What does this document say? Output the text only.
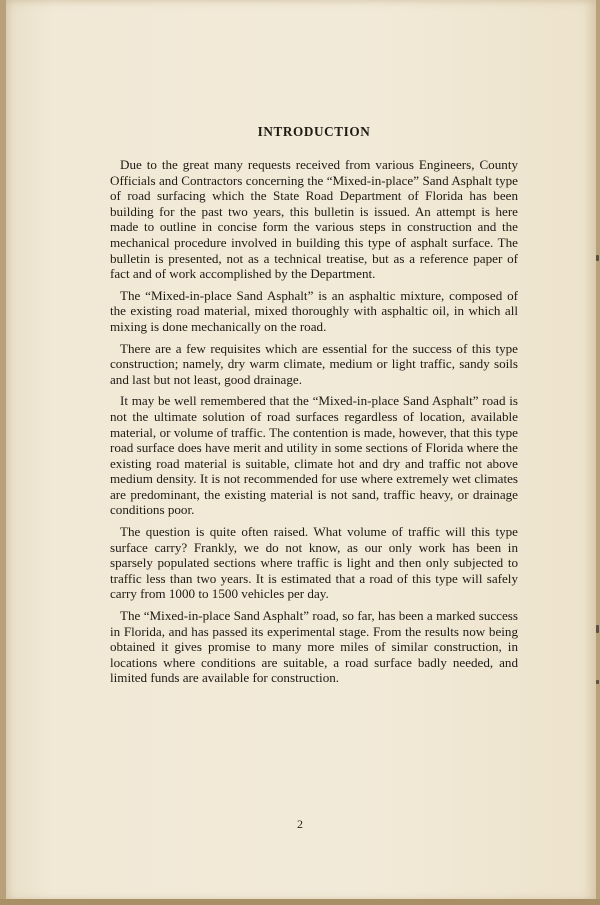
INTRODUCTION

Due to the great many requests received from various Engineers, County Officials and Contractors concerning the “Mixed-in-place” Sand Asphalt type of road surfacing which the State Road Department of Florida has been building for the past two years, this bulletin is issued. An attempt is here made to outline in concise form the various steps in construction and the mechanical procedure involved in building this type of asphalt surface. The bulletin is presented, not as a technical treatise, but as a reference paper of fact and of work accomplished by the Department.

The “Mixed-in-place Sand Asphalt” is an asphaltic mixture, composed of the existing road material, mixed thoroughly with asphaltic oil, in which all mixing is done mechanically on the road.

There are a few requisites which are essential for the success of this type construction; namely, dry warm climate, medium or light traffic, sandy soils and last but not least, good drainage.

It may be well remembered that the “Mixed-in-place Sand Asphalt” road is not the ultimate solution of road surfaces regardless of location, available material, or volume of traffic. The contention is made, however, that this type road surface does have merit and utility in some sections of Florida where the existing road material is suitable, climate hot and dry and traffic not above medium density. It is not recommended for use where extremely wet climates are predominant, the existing material is not sand, traffic heavy, or drainage conditions poor.

The question is quite often raised. What volume of traffic will this type surface carry? Frankly, we do not know, as our only work has been in sparsely populated sections where traffic is light and then only subjected to traffic less than two years. It is estimated that a road of this type will safely carry from 1000 to 1500 vehicles per day.

The “Mixed-in-place Sand Asphalt” road, so far, has been a marked success in Florida, and has passed its experimental stage. From the results now being obtained it gives promise to many more miles of similar construction, in locations where conditions are suitable, a road surface badly needed, and limited funds are available for construction.

2
